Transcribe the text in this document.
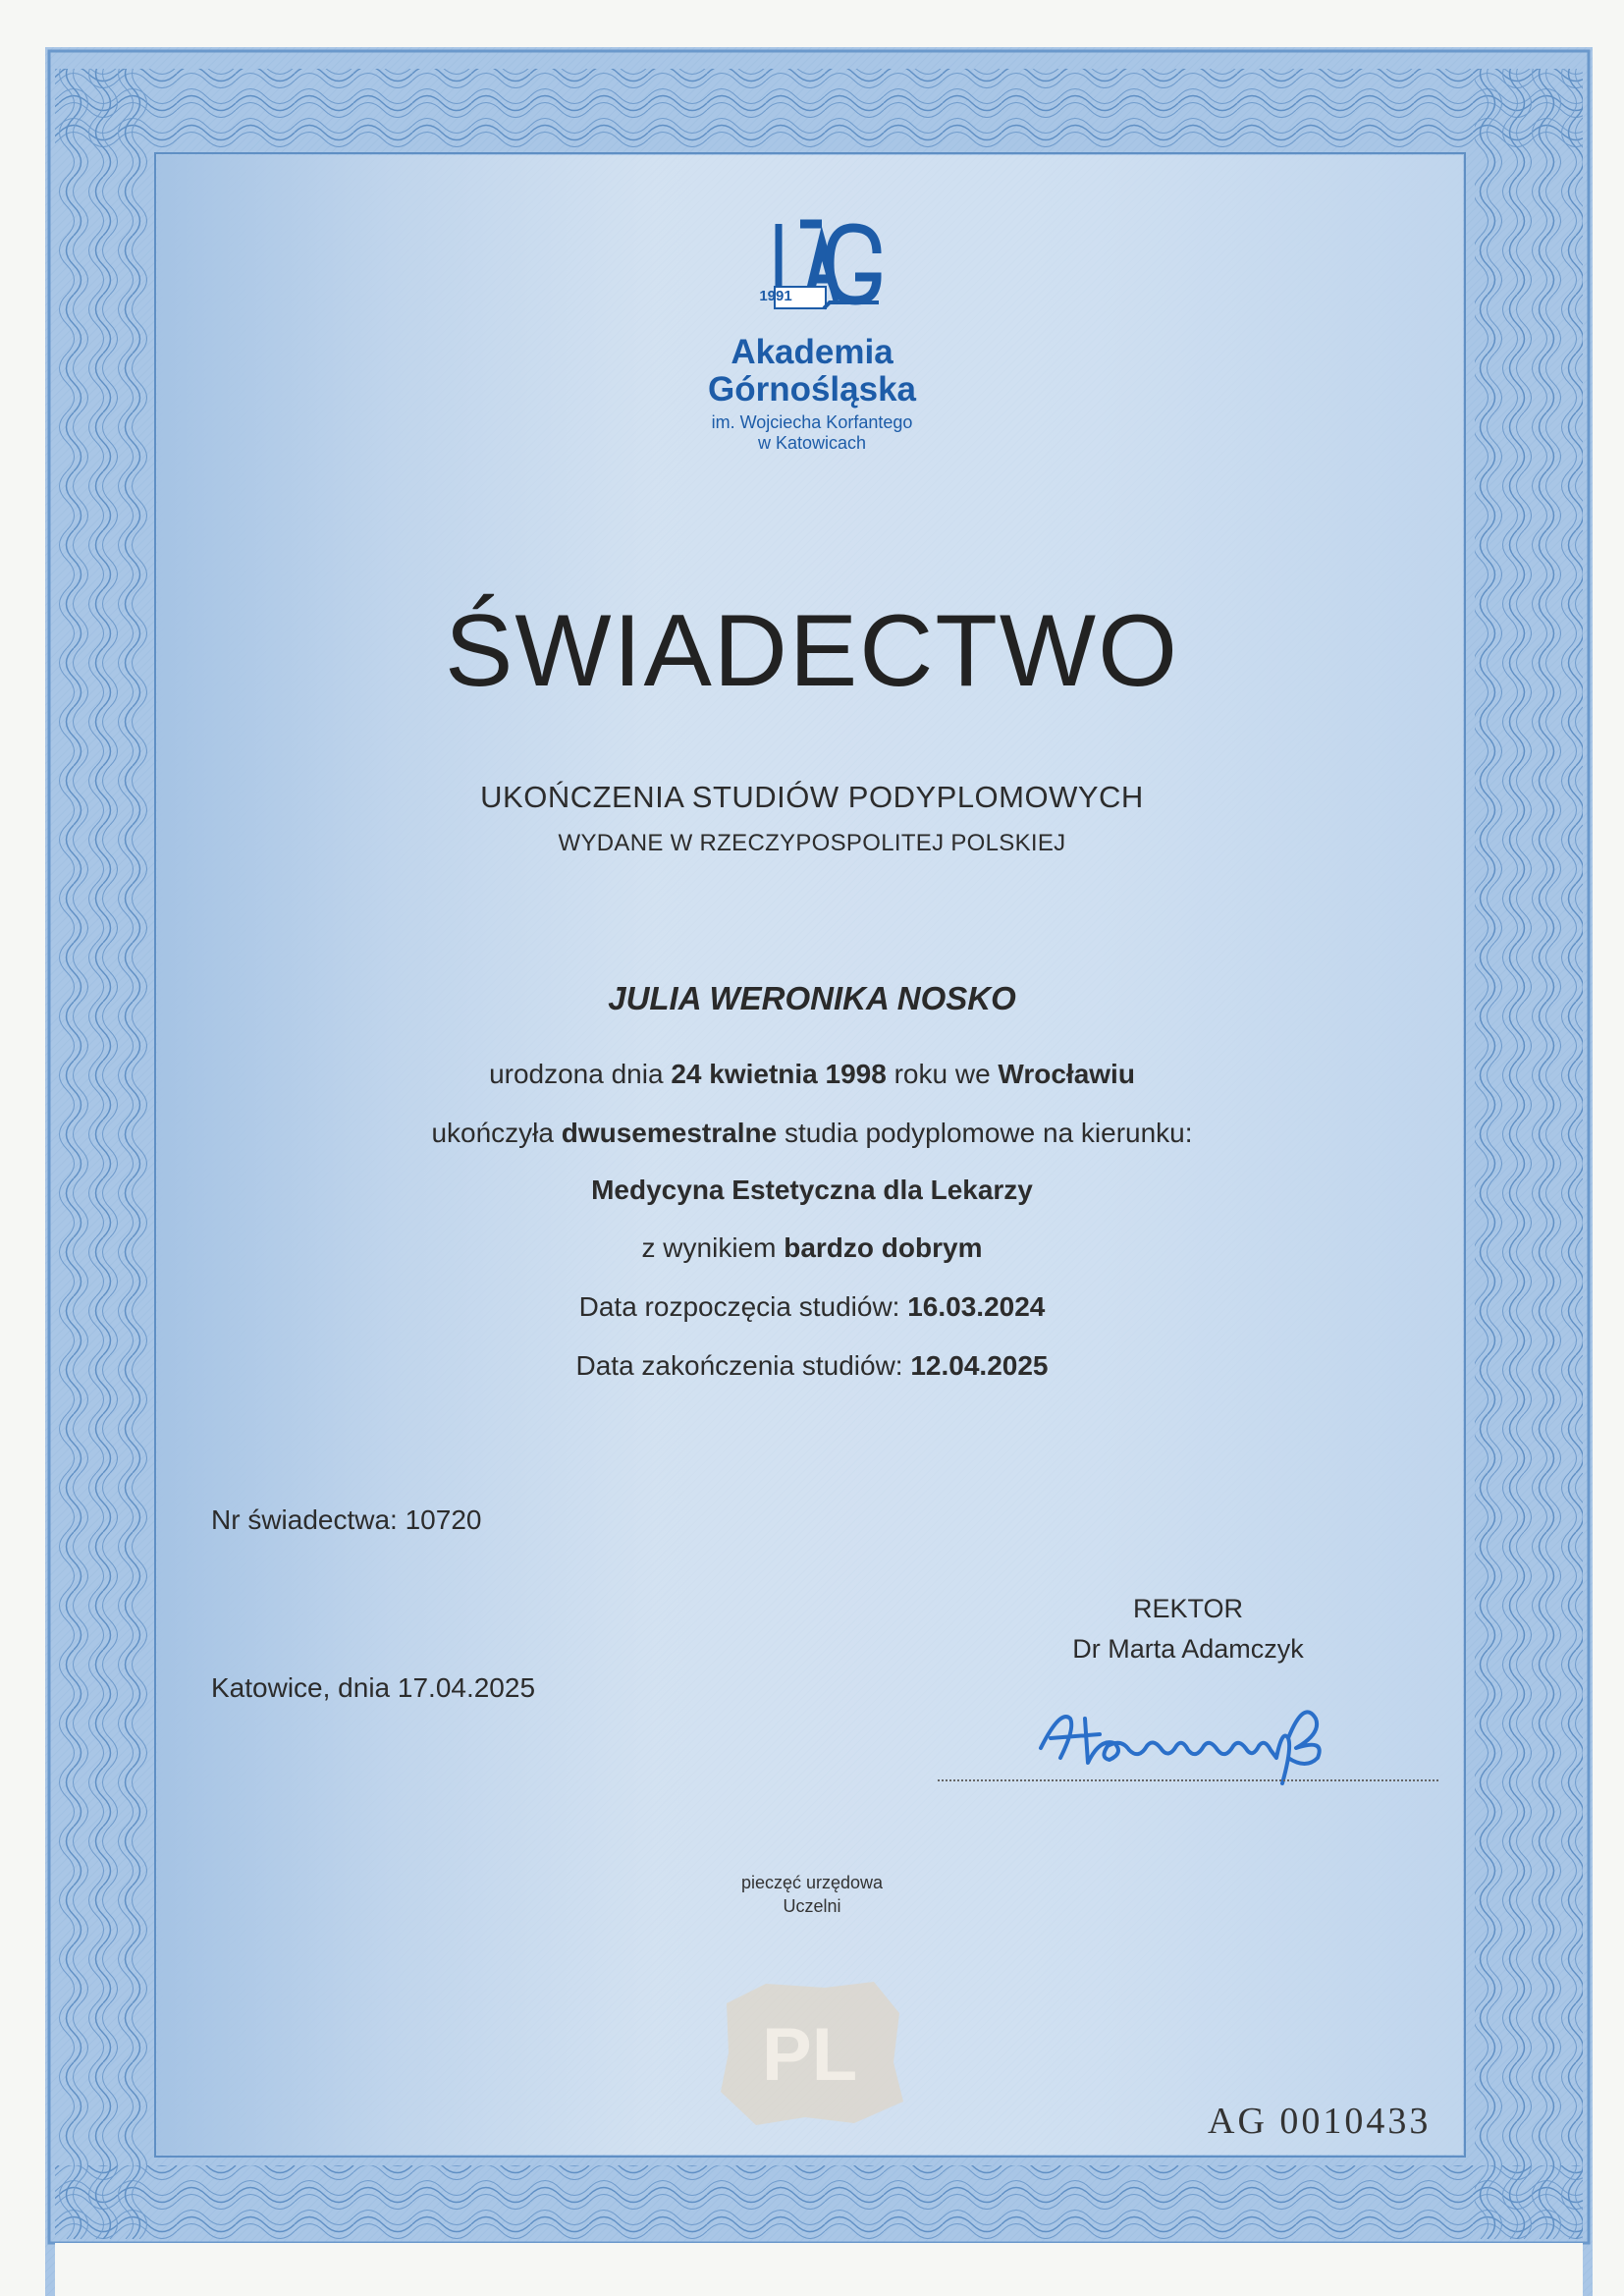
1991
Akademia
Górnośląska
im. Wojciecha Korfantego
w Katowicach
ŚWIADECTWO
UKOŃCZENIA STUDIÓW PODYPLOMOWYCH
WYDANE W RZECZYPOSPOLITEJ POLSKIEJ
JULIA WERONIKA NOSKO
urodzona dnia 24 kwietnia 1998 roku we Wrocławiu
ukończyła dwusemestralne studia podyplomowe na kierunku:
Medycyna Estetyczna dla Lekarzy
z wynikiem bardzo dobrym
Data rozpoczęcia studiów: 16.03.2024
Data zakończenia studiów: 12.04.2025
Nr świadectwa: 10720
Katowice, dnia 17.04.2025
REKTOR
Dr Marta Adamczyk
pieczęć urzędowa
Uczelni
PL
AG 0010433
